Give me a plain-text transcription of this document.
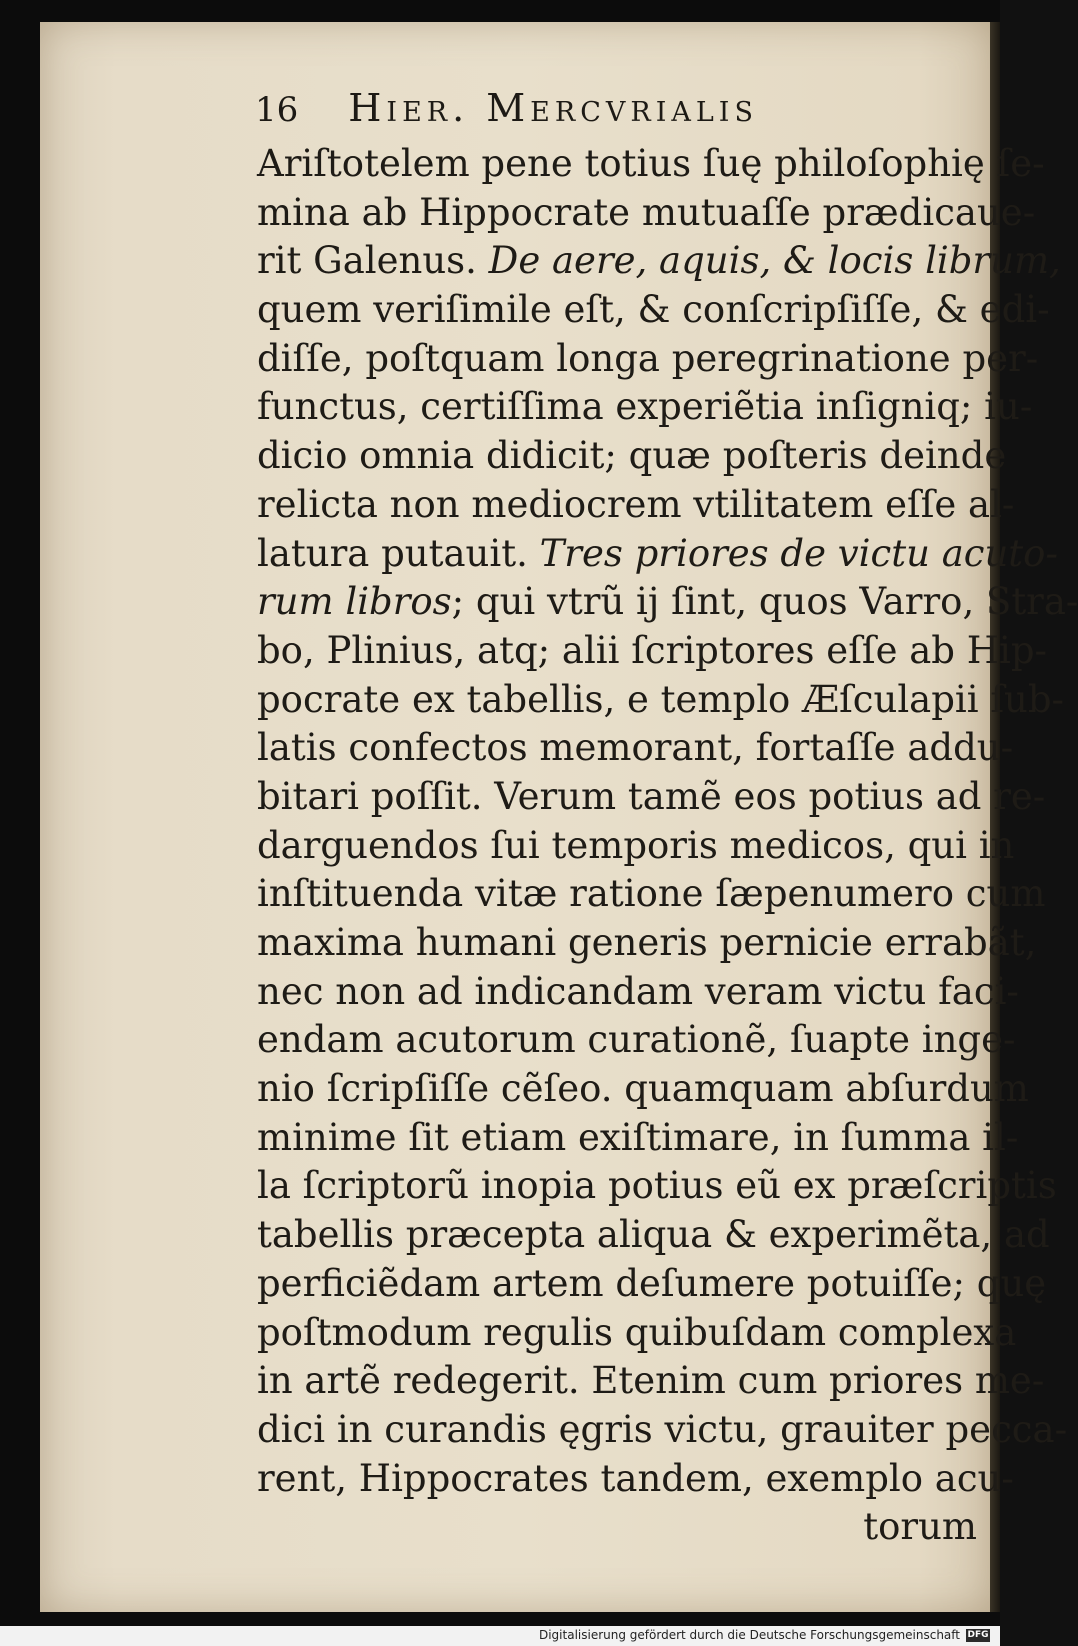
16 Hier. Mercvrialis
Ariſtotelem pene totius ſuę philoſophię ſe-
mina ab Hippocrate mutuaſſe prædicaue-
rit Galenus. De aere, aquis, & locis librum,
quem veriſimile eſt, & conſcripſiſſe, & edi-
diſſe, poſtquam longa peregrinatione per-
functus, certiſſima experiẽtia inſigniq; iu-
dicio omnia didicit; quæ poſteris deinde
relicta non mediocrem vtilitatem eſſe al-
latura putauit. Tres priores de victu acuto-
rum libros; qui vtrũ ij ſint, quos Varro, Stra-
bo, Plinius, atq; alii ſcriptores eſſe ab Hip-
pocrate ex tabellis, e templo Æſculapii ſub-
latis confectos memorant, fortaſſe addu-
bitari poſſit. Verum tamẽ eos potius ad re-
darguendos ſui temporis medicos, qui in
inſtituenda vitæ ratione ſæpenumero cum
maxima humani generis pernicie errabãt,
nec non ad indicandam veram victu faci-
endam acutorum curationẽ, ſuapte inge-
nio ſcripſiſſe cẽſeo. quamquam abſurdum
minime ſit etiam exiſtimare, in ſumma il-
la ſcriptorũ inopia potius eũ ex præſcriptis
tabellis præcepta aliqua & experimẽta, ad
perficiẽdam artem deſumere potuiſſe; quę
poſtmodum regulis quibuſdam complexa
in artẽ redegerit. Etenim cum priores me-
dici in curandis ęgris victu, grauiter pecca-
rent, Hippocrates tandem, exemplo acu-
torum
Digitalisierung gefördert durch die Deutsche Forschungsgemeinschaft DFG
